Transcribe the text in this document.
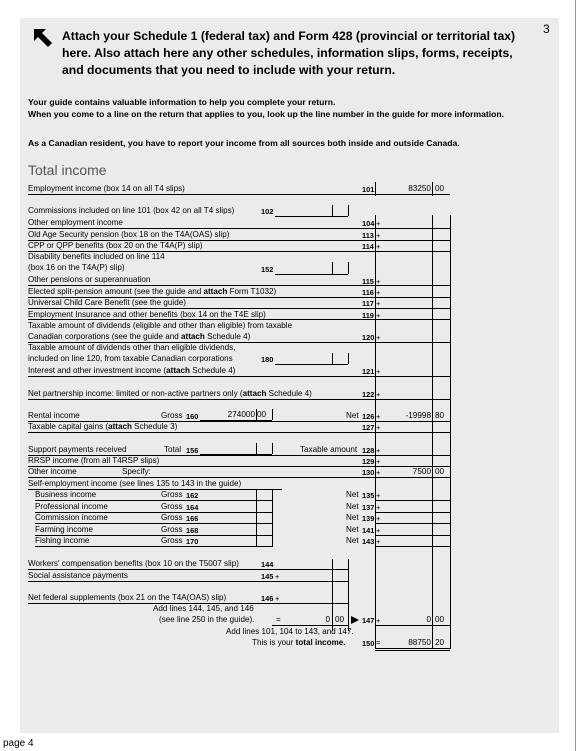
3
page 4
Attach your Schedule 1 (federal tax) and Form 428 (provincial or territorial tax)
here. Also attach here any other schedules, information slips, forms, receipts,
and documents that you need to include with your return.
Your guide contains valuable information to help you complete your return.
When you come to a line on the return that applies to you, look up the line number in the guide for more information.
As a Canadian resident, you have to report your income from all sources both inside and outside Canada.
Total income
Employment income (box 14 on all T4 slips)	101	83250 00
Commissions included on line 101 (box 42 on all T4 slips)	102
Other employment income	104 +
Old Age Security pension (box 18 on the T4A(OAS) slip)	113 +
CPP or QPP benefits (box 20 on the T4A(P) slip)	114 +
Disability benefits included on line 114
(box 16 on the T4A(P) slip)	152
Other pensions or superannuation	115 +
Elected split-pension amount (see the guide and attach Form T1032)	116 +
Universal Child Care Benefit (see the guide)	117 +
Employment Insurance and other benefits (box 14 on the T4E slip)	119 +
Taxable amount of dividends (eligible and other than eligible) from taxable
Canadian corporations (see the guide and attach Schedule 4)	120 +
Taxable amount of dividends other than eligible dividends,
included on line 120, from taxable Canadian corporations	180
Interest and other investment income (attach Schedule 4)	121 +
Net partnership income: limited or non-active partners only (attach Schedule 4)	122 +
Rental income	Gross 160	274000 00	Net 126 +	-19998 80
Taxable capital gains (attach Schedule 3)	127 +
Support payments received	Total 156	Taxable amount 128 +
RRSP income (from all T4RSP slips)	129 +
Other income	Specify:	130 +	7500 00
Self-employment income (see lines 135 to 143 in the guide)
Business income	Gross 162	Net 135 +
Professional income	Gross 164	Net 137 +
Commission income	Gross 166	Net 139 +
Farming income	Gross 168	Net 141 +
Fishing income	Gross 170	Net 143 +
Workers' compensation benefits (box 10 on the T5007 slip)	144
Social assistance payments	145 +
Net federal supplements (box 21 on the T4A(OAS) slip)	146 +
Add lines 144, 145, and 146
(see line 250 in the guide).	=	0 00 147 +	0 00
Add lines 101, 104 to 143, and 147.
This is your total income. 150 =	88750 20
